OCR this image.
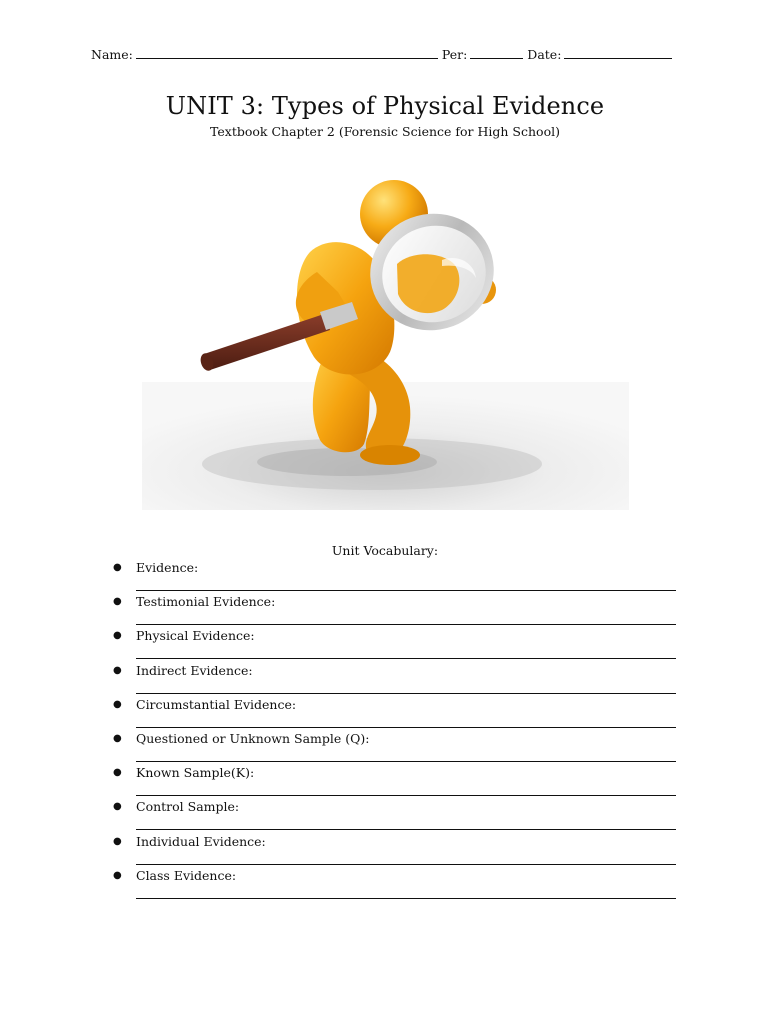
Name:	Per:	Date:
UNIT 3: Types of Physical Evidence
Textbook Chapter 2 (Forensic Science for High School)
Unit Vocabulary:
● Evidence:
● Testimonial Evidence:
● Physical Evidence:
● Indirect Evidence:
● Circumstantial Evidence:
● Questioned or Unknown Sample (Q):
● Known Sample(K):
● Control Sample:
● Individual Evidence:
● Class Evidence:
